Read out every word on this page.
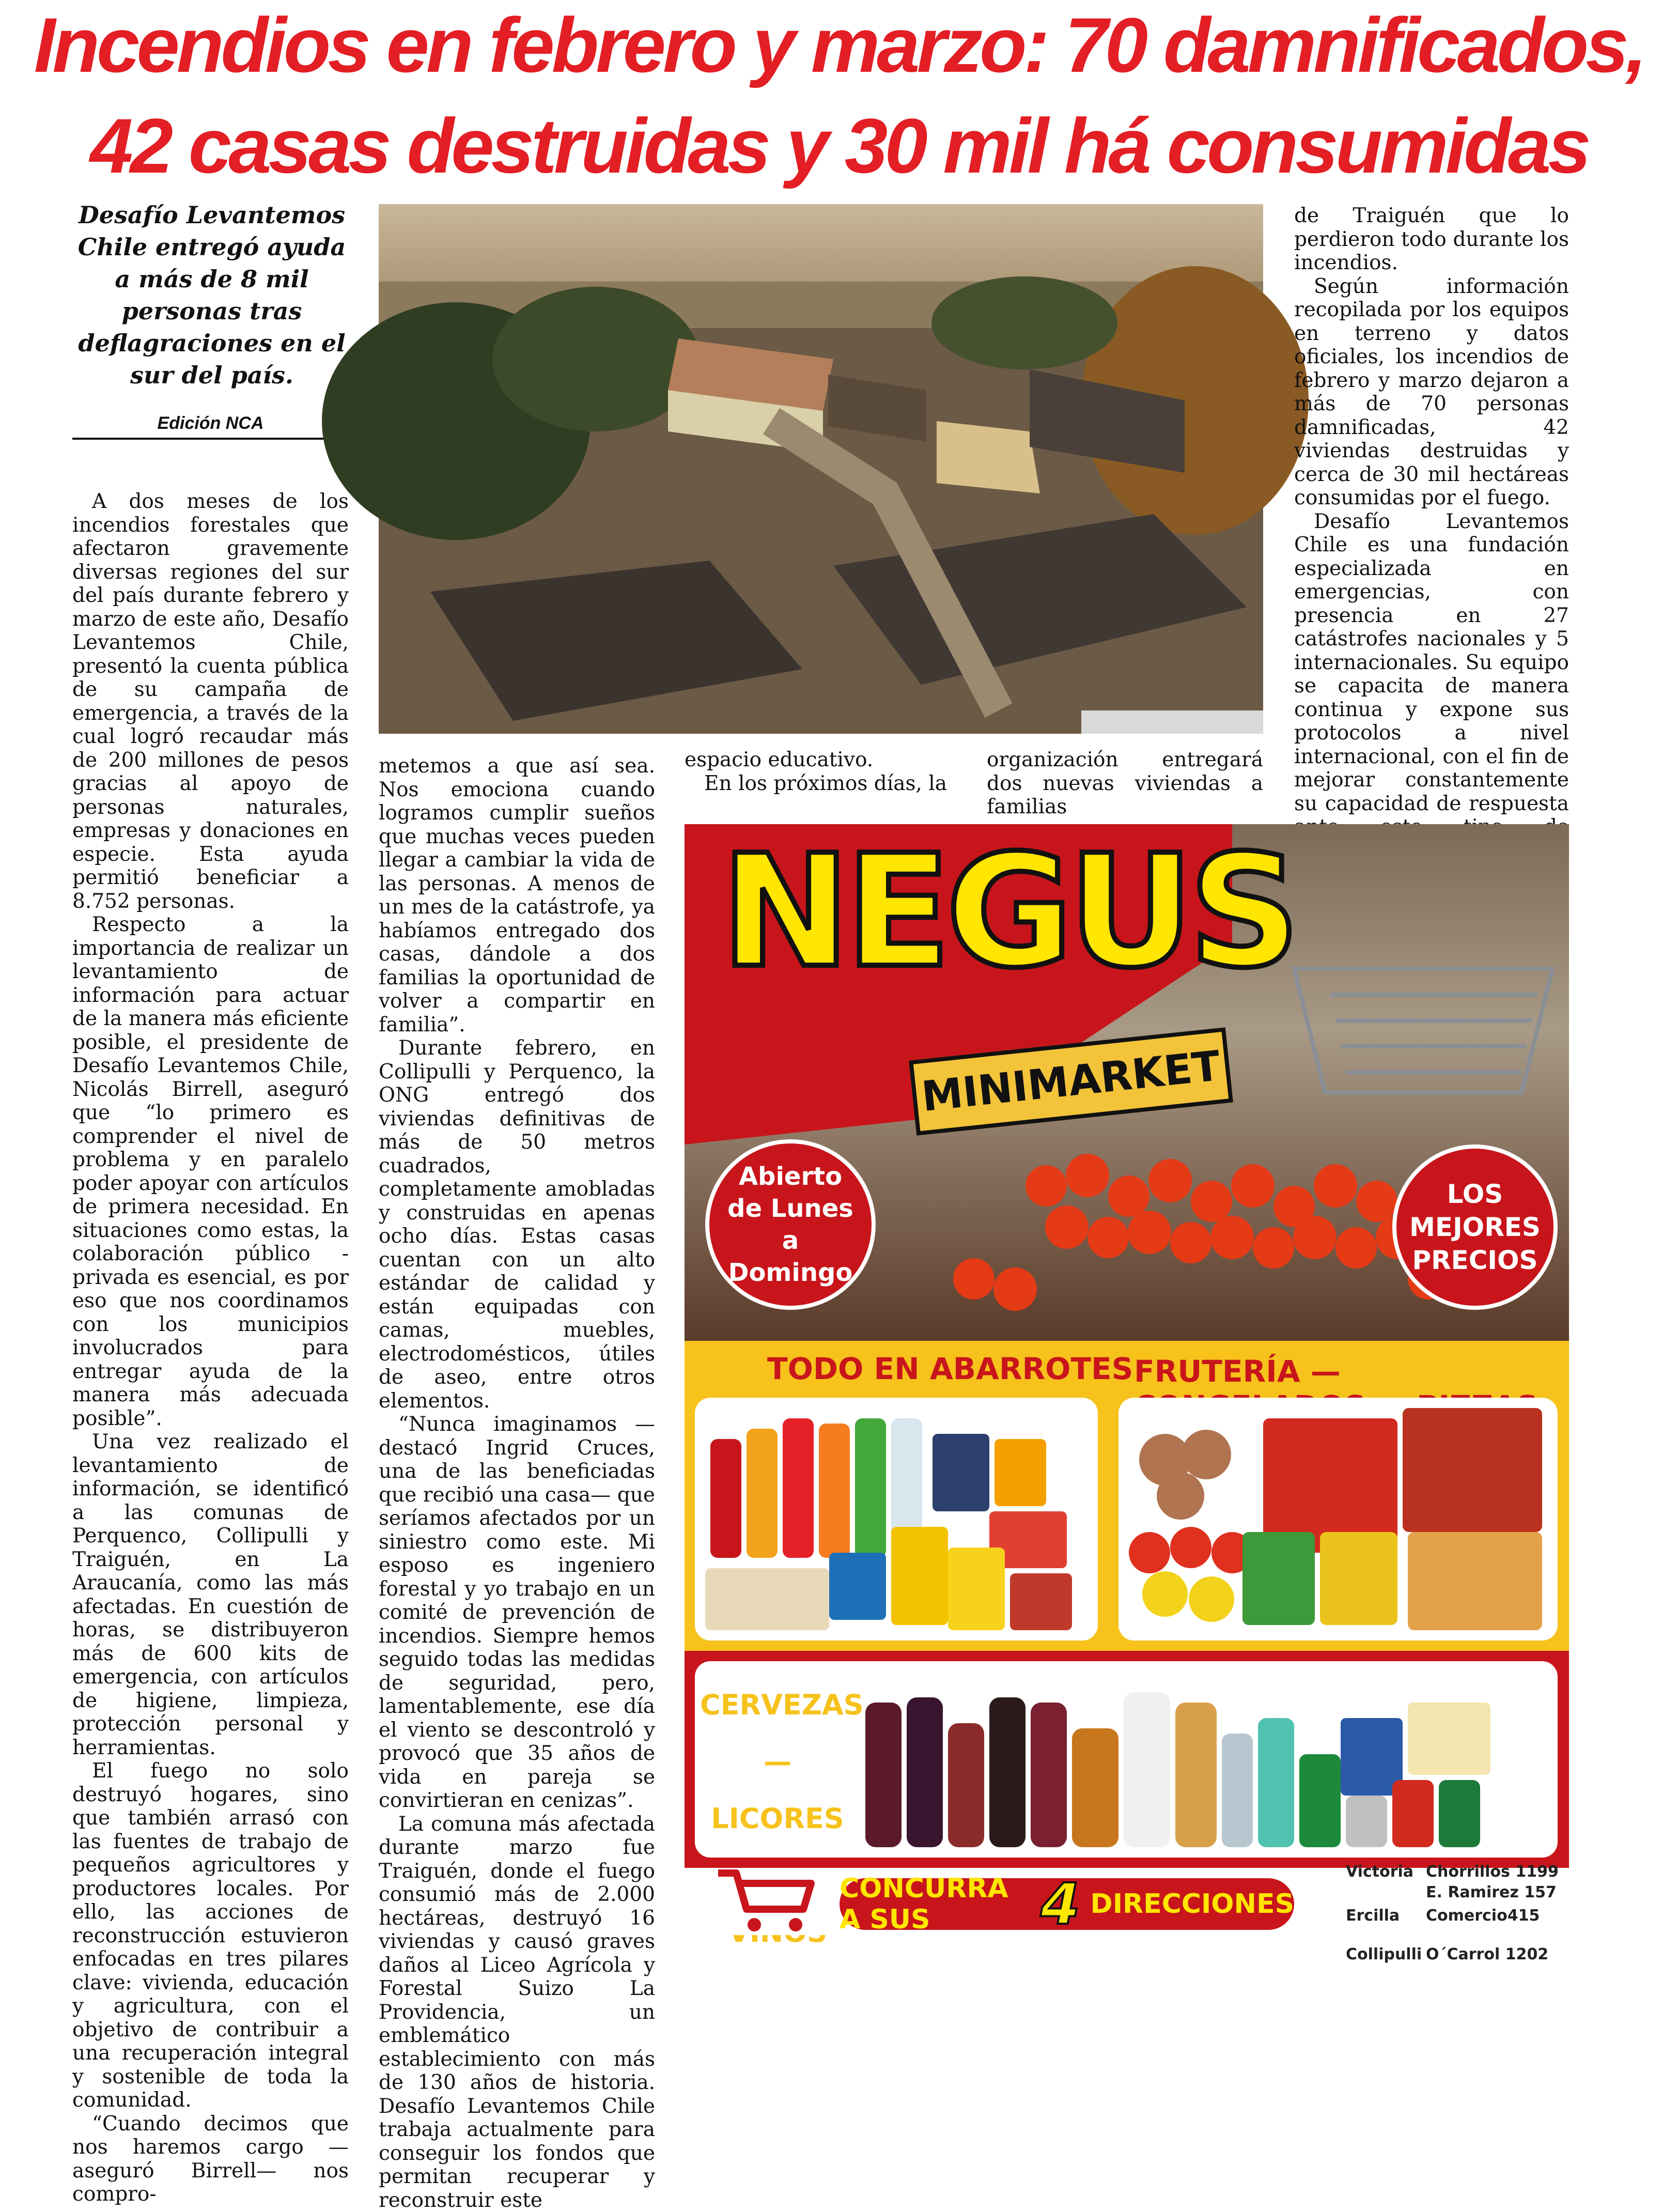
Incendios en febrero y marzo: 70 damnificados,
42 casas destruidas y 30 mil há consumidas
Desafío Levantemos Chile entregó ayuda a más de 8 mil personas tras deflagraciones en el sur del país.
Edición NCA

A dos meses de los incendios forestales que afectaron gravemente diversas regiones del sur del país durante febrero y marzo de este año, Desafío Levantemos Chile, presentó la cuenta pública de su campaña de emergencia, a través de la cual logró recaudar más de 200 millones de pesos gracias al apoyo de personas naturales, empresas y donaciones en especie. Esta ayuda permitió beneficiar a 8.752 personas.

Respecto a la importancia de realizar un levantamiento de información para actuar de la manera más eficiente posible, el presidente de Desafío Levantemos Chile, Nicolás Birrell, aseguró que “lo primero es comprender el nivel de problema y en paralelo poder apoyar con artículos de primera necesidad. En situaciones como estas, la colaboración público - privada es esencial, es por eso que nos coordinamos con los municipios involucrados para entregar ayuda de la manera más adecuada posible”.

Una vez realizado el levantamiento de información, se identificó a las comunas de Perquenco, Collipulli y Traiguén, en La Araucanía, como las más afectadas. En cuestión de horas, se distribuyeron más de 600 kits de emergencia, con artículos de higiene, limpieza, protección personal y herramientas.

El fuego no solo destruyó hogares, sino que también arrasó con las fuentes de trabajo de pequeños agricultores y productores locales. Por ello, las acciones de reconstrucción estuvieron enfocadas en tres pilares clave: vivienda, educación y agricultura, con el objetivo de contribuir a una recuperación integral y sostenible de toda la comunidad.

“Cuando decimos que nos haremos cargo — aseguró Birrell— nos compro-

metemos a que así sea. Nos emociona cuando logramos cumplir sueños que muchas veces pueden llegar a cambiar la vida de las personas. A menos de un mes de la catástrofe, ya habíamos entregado dos casas, dándole a dos familias la oportunidad de volver a compartir en familia”.

Durante febrero, en Collipulli y Perquenco, la ONG entregó dos viviendas definitivas de más de 50 metros cuadrados, completamente amobladas y construidas en apenas ocho días. Estas casas cuentan con un alto estándar de calidad y están equipadas con camas, muebles, electrodomésticos, útiles de aseo, entre otros elementos.

“Nunca imaginamos — destacó Ingrid Cruces, una de las beneficiadas que recibió una casa— que seríamos afectados por un siniestro como este. Mi esposo es ingeniero forestal y yo trabajo en un comité de prevención de incendios. Siempre hemos seguido todas las medidas de seguridad, pero, lamentablemente, ese día el viento se descontroló y provocó que 35 años de vida en pareja se convirtieran en cenizas”.

La comuna más afectada durante marzo fue Traiguén, donde el fuego consumió más de 2.000 hectáreas, destruyó 16 viviendas y causó graves daños al Liceo Agrícola y Forestal Suizo La Providencia, un emblemático establecimiento con más de 130 años de historia. Desafío Levantemos Chile trabaja actualmente para conseguir los fondos que permitan recuperar y reconstruir este

espacio educativo.

En los próximos días, la

organización entregará dos nuevas viviendas a familias

de Traiguén que lo perdieron todo durante los incendios.

Según información recopilada por los equipos en terreno y datos oficiales, los incendios de febrero y marzo dejaron a más de 70 personas damnificadas, 42 viviendas destruidas y cerca de 30 mil hectáreas consumidas por el fuego.

Desafío Levantemos Chile es una fundación especializada en emergencias, con presencia en 27 catástrofes nacionales y 5 internacionales. Su equipo se capacita de manera continua y expone sus protocolos a nivel internacional, con el fin de mejorar constantemente su capacidad de respuesta

NEGUS
MINIMARKET
Abierto de Lunes a Domingo
LOS MEJORES PRECIOS
TODO EN ABARROTES FRUTERÍA —
CERVEZAS —
LICORES
CONCURRA A SUS	4 DIRECCIONES
Victoria Chorrillos 1199
E. Ramirez 157
Ercilla Comercio415
Collipulli O´Carrol 1202
